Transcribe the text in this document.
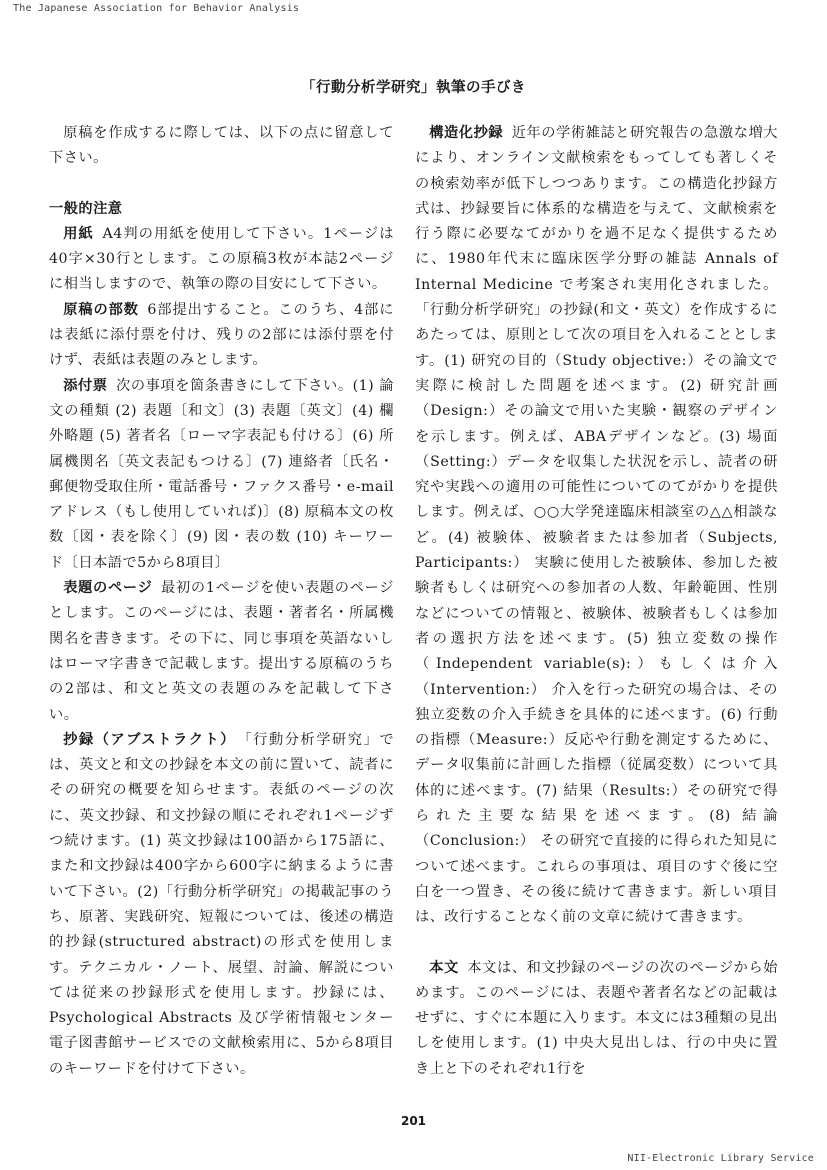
The Japanese Association for Behavior Analysis
「行動分析学研究」執筆の手びき

原稿を作成するに際しては、以下の点に留意して下さい。

一般的注意

用紙 A4判の用紙を使用して下さい。1ページは40字×30行とします。この原稿3枚が本誌2ページに相当しますので、執筆の際の目安にして下さい。

原稿の部数 6部提出すること。このうち、4部には表紙に添付票を付け、残りの2部には添付票を付けず、表紙は表題のみとします。

添付票 次の事項を箇条書きにして下さい。(1) 論文の種類 (2) 表題〔和文〕(3) 表題〔英文〕(4) 欄外略題 (5) 著者名〔ローマ字表記も付ける〕(6) 所属機関名〔英文表記もつける〕(7) 連絡者〔氏名・郵便物受取住所・電話番号・ファクス番号・e-mailアドレス（もし使用していれば)〕(8) 原稿本文の枚数〔図・表を除く〕(9) 図・表の数 (10) キーワード〔日本語で5から8項目〕

表題のページ 最初の1ページを使い表題のページとします。このページには、表題・著者名・所属機関名を書きます。その下に、同じ事項を英語ないしはローマ字書きで記載します。提出する原稿のうちの2部は、和文と英文の表題のみを記載して下さい。

抄録（アブストラクト） 「行動分析学研究」では、英文と和文の抄録を本文の前に置いて、読者にその研究の概要を知らせます。表紙のページの次に、英文抄録、和文抄録の順にそれぞれ1ページずつ続けます。(1) 英文抄録は100語から175語に、また和文抄録は400字から600字に納まるように書いて下さい。(2)「行動分析学研究」の掲載記事のうち、原著、実践研究、短報については、後述の構造的抄録(structured abstract)の形式を使用します。テクニカル・ノート、展望、討論、解説については従来の抄録形式を使用します。抄録には、Psychological Abstracts 及び学術情報センター電子図書館サービスでの文献検索用に、5から8項目のキーワードを付けて下さい。

構造化抄録 近年の学術雑誌と研究報告の急激な増大により、オンライン文献検索をもってしても著しくその検索効率が低下しつつあります。この構造化抄録方式は、抄録要旨に体系的な構造を与えて、文献検索を行う際に必要なてがかりを過不足なく提供するために、1980年代末に臨床医学分野の雑誌 Annals of Internal Medicine で考案され実用化されました。「行動分析学研究」の抄録(和文・英文）を作成するにあたっては、原則として次の項目を入れることとします。(1) 研究の目的（Study objective:）その論文で実際に検討した問題を述べます。(2) 研究計画（Design:）その論文で用いた実験・観察のデザインを示します。例えば、ABAデザインなど。(3) 場面（Setting:）データを収集した状況を示し、読者の研究や実践への適用の可能性についてのてがかりを提供します。例えば、○○大学発達臨床相談室の△△相談など。(4) 被験体、被験者または参加者（Subjects, Participants:） 実験に使用した被験体、参加した被験者もしくは研究への参加者の人数、年齢範囲、性別などについての情報と、被験体、被験者もしくは参加者の選択方法を述べます。(5) 独立変数の操作（Independent variable(s):）もしくは介入（Intervention:） 介入を行った研究の場合は、その独立変数の介入手続きを具体的に述べます。(6) 行動の指標（Measure:）反応や行動を測定するために、データ収集前に計画した指標（従属変数）について具体的に述べます。(7) 結果（Results:）その研究で得られた主要な結果を述べます。(8) 結論（Conclusion:） その研究で直接的に得られた知見について述べます。これらの事項は、項目のすぐ後に空白を一つ置き、その後に続けて書きます。新しい項目は、改行することなく前の文章に続けて書きます。

本文 本文は、和文抄録のページの次のページから始めます。このページには、表題や著者名などの記載はせずに、すぐに本題に入ります。本文には3種類の見出しを使用します。(1) 中央大見出しは、行の中央に置き上と下のそれぞれ1行を

201
NII-Electronic Library Service
